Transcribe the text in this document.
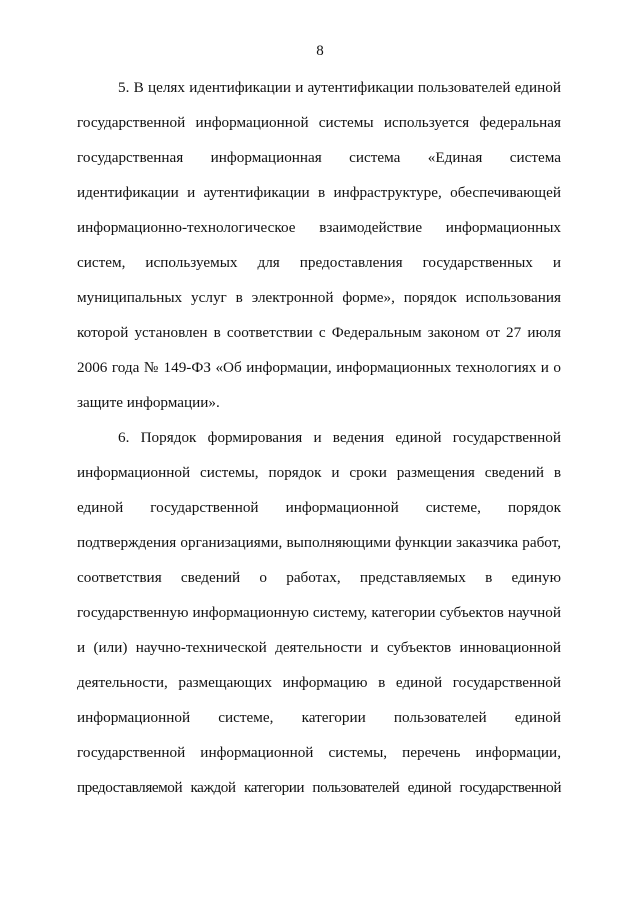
8
5. В целях идентификации и аутентификации пользователей единой
государственной информационной системы используется федеральная
государственная информационная система «Единая система
идентификации и аутентификации в инфраструктуре, обеспечивающей
информационно-технологическое взаимодействие информационных
систем, используемых для предоставления государственных и
муниципальных услуг в электронной форме», порядок использования
которой установлен в соответствии с Федеральным законом от 27 июля
2006 года № 149-ФЗ «Об информации, информационных технологиях и о
защите информации».
6. Порядок формирования и ведения единой государственной
информационной системы, порядок и сроки размещения сведений в
единой государственной информационной системе, порядок
подтверждения организациями, выполняющими функции заказчика работ,
соответствия сведений о работах, представляемых в единую
государственную информационную систему, категории субъектов научной
и (или) научно-технической деятельности и субъектов инновационной
деятельности, размещающих информацию в единой государственной
информационной системе, категории пользователей единой
государственной информационной системы, перечень информации,
предоставляемой каждой категории пользователей единой государственной
